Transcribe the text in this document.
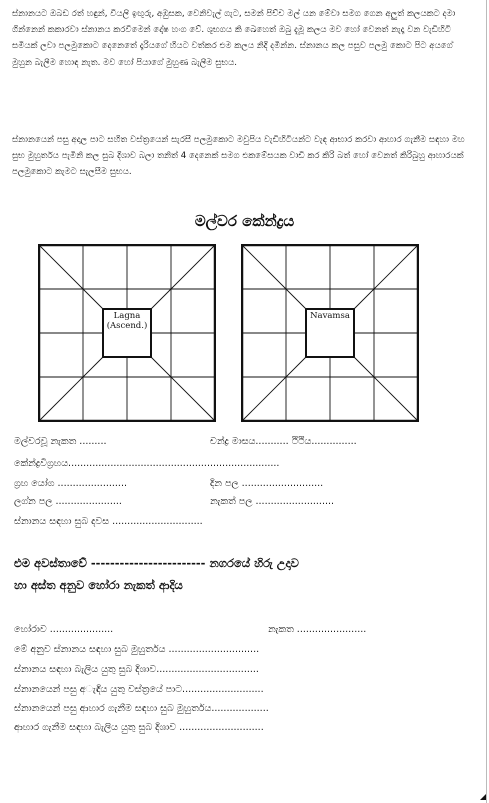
ස්නානයට ඔබඩ රත් හඳුන්, වියලි ඉඟුරු, අඹුසක, වෙනිවැල් ගැට, සමන් පිච්ච මල් යන මේවා සමග ගෙන අලුත් කලයකට දමා ගින්නෙන් කකාරවා ස්නානය කරවීමෙන් දෝෂ හංග වේ. ශුභගය කි ඛෙහෙත් ඔබු දැමූ කලය මව හෝ වෙනත් නැදෑ වන වැඩිහිටි සමියක් ලවා පලමුකොට දෙනෙතේ දෑරියගේ හියට වත්කර එම කලය නිදි දමින්න. ස්නානය කල පසුව පලමු කොට පිට අයගේ මුහුන බැලීම හොඳ නැත. මව හෝ පියාගේ මුහුණ බැලීම සුභය.
ස්නානයෙන් පසු අදාල පාට සහිත වස්ත්‍රයෙන් සැරසී පලමුකොට මවුපිය වැඩිහිටියන්ට වැඳ ආභාර කරවා ආහාර ගැනීම සඳහා මහ සුභ මුහුර්තය පැමිනි කල සුබ දිශාව බලා තනිත් 4 දෙනෙක් සමග එකමේසයක වාඩි කර කිරි බත් හෝ වෙනත් කිරිබුහු ආහාරයක් පලමුකොට කැමට සැලසීම සුභය.
මල්වර කේන්ද්‍රය
Lagna
(Ascend.)
Navamsa
මල්වරවූ නැකත .........	චන්ද්‍ර මාසය........... ථිථිය...............
කේන්ද්‍රවිග්‍රහය......................................................................
ග්‍රහ යෝග .......................	දින පල ...........................
ලග්න පල ......................	නැකත් පල ..........................
ස්නානය සඳහා සුබ දවස ..............................
එම අවස්තාවේ ------------------------ නගරයේ හිරු උදාව
හා අස්ත අනුව හෝරා නැකත් ආදිය
හෝරාව .....................	නැකත .......................
මේ අනුව ස්නානය සඳහා සුබ මුහුර්තය ..............................
ස්නානය සඳහා බැලිය යුතු සුබ දිශාව..................................
ස්නානයෙන් පසු අැඳිය යුතු වස්ත්‍රයේ පාට...........................
ස්නානයෙන් පසු ආහාර ගැනීම සඳහා සුබ මුහුර්තය...................
ආහාර ගැනීම සඳහා බැලිය යුතු සුබ දිශාව ............................
